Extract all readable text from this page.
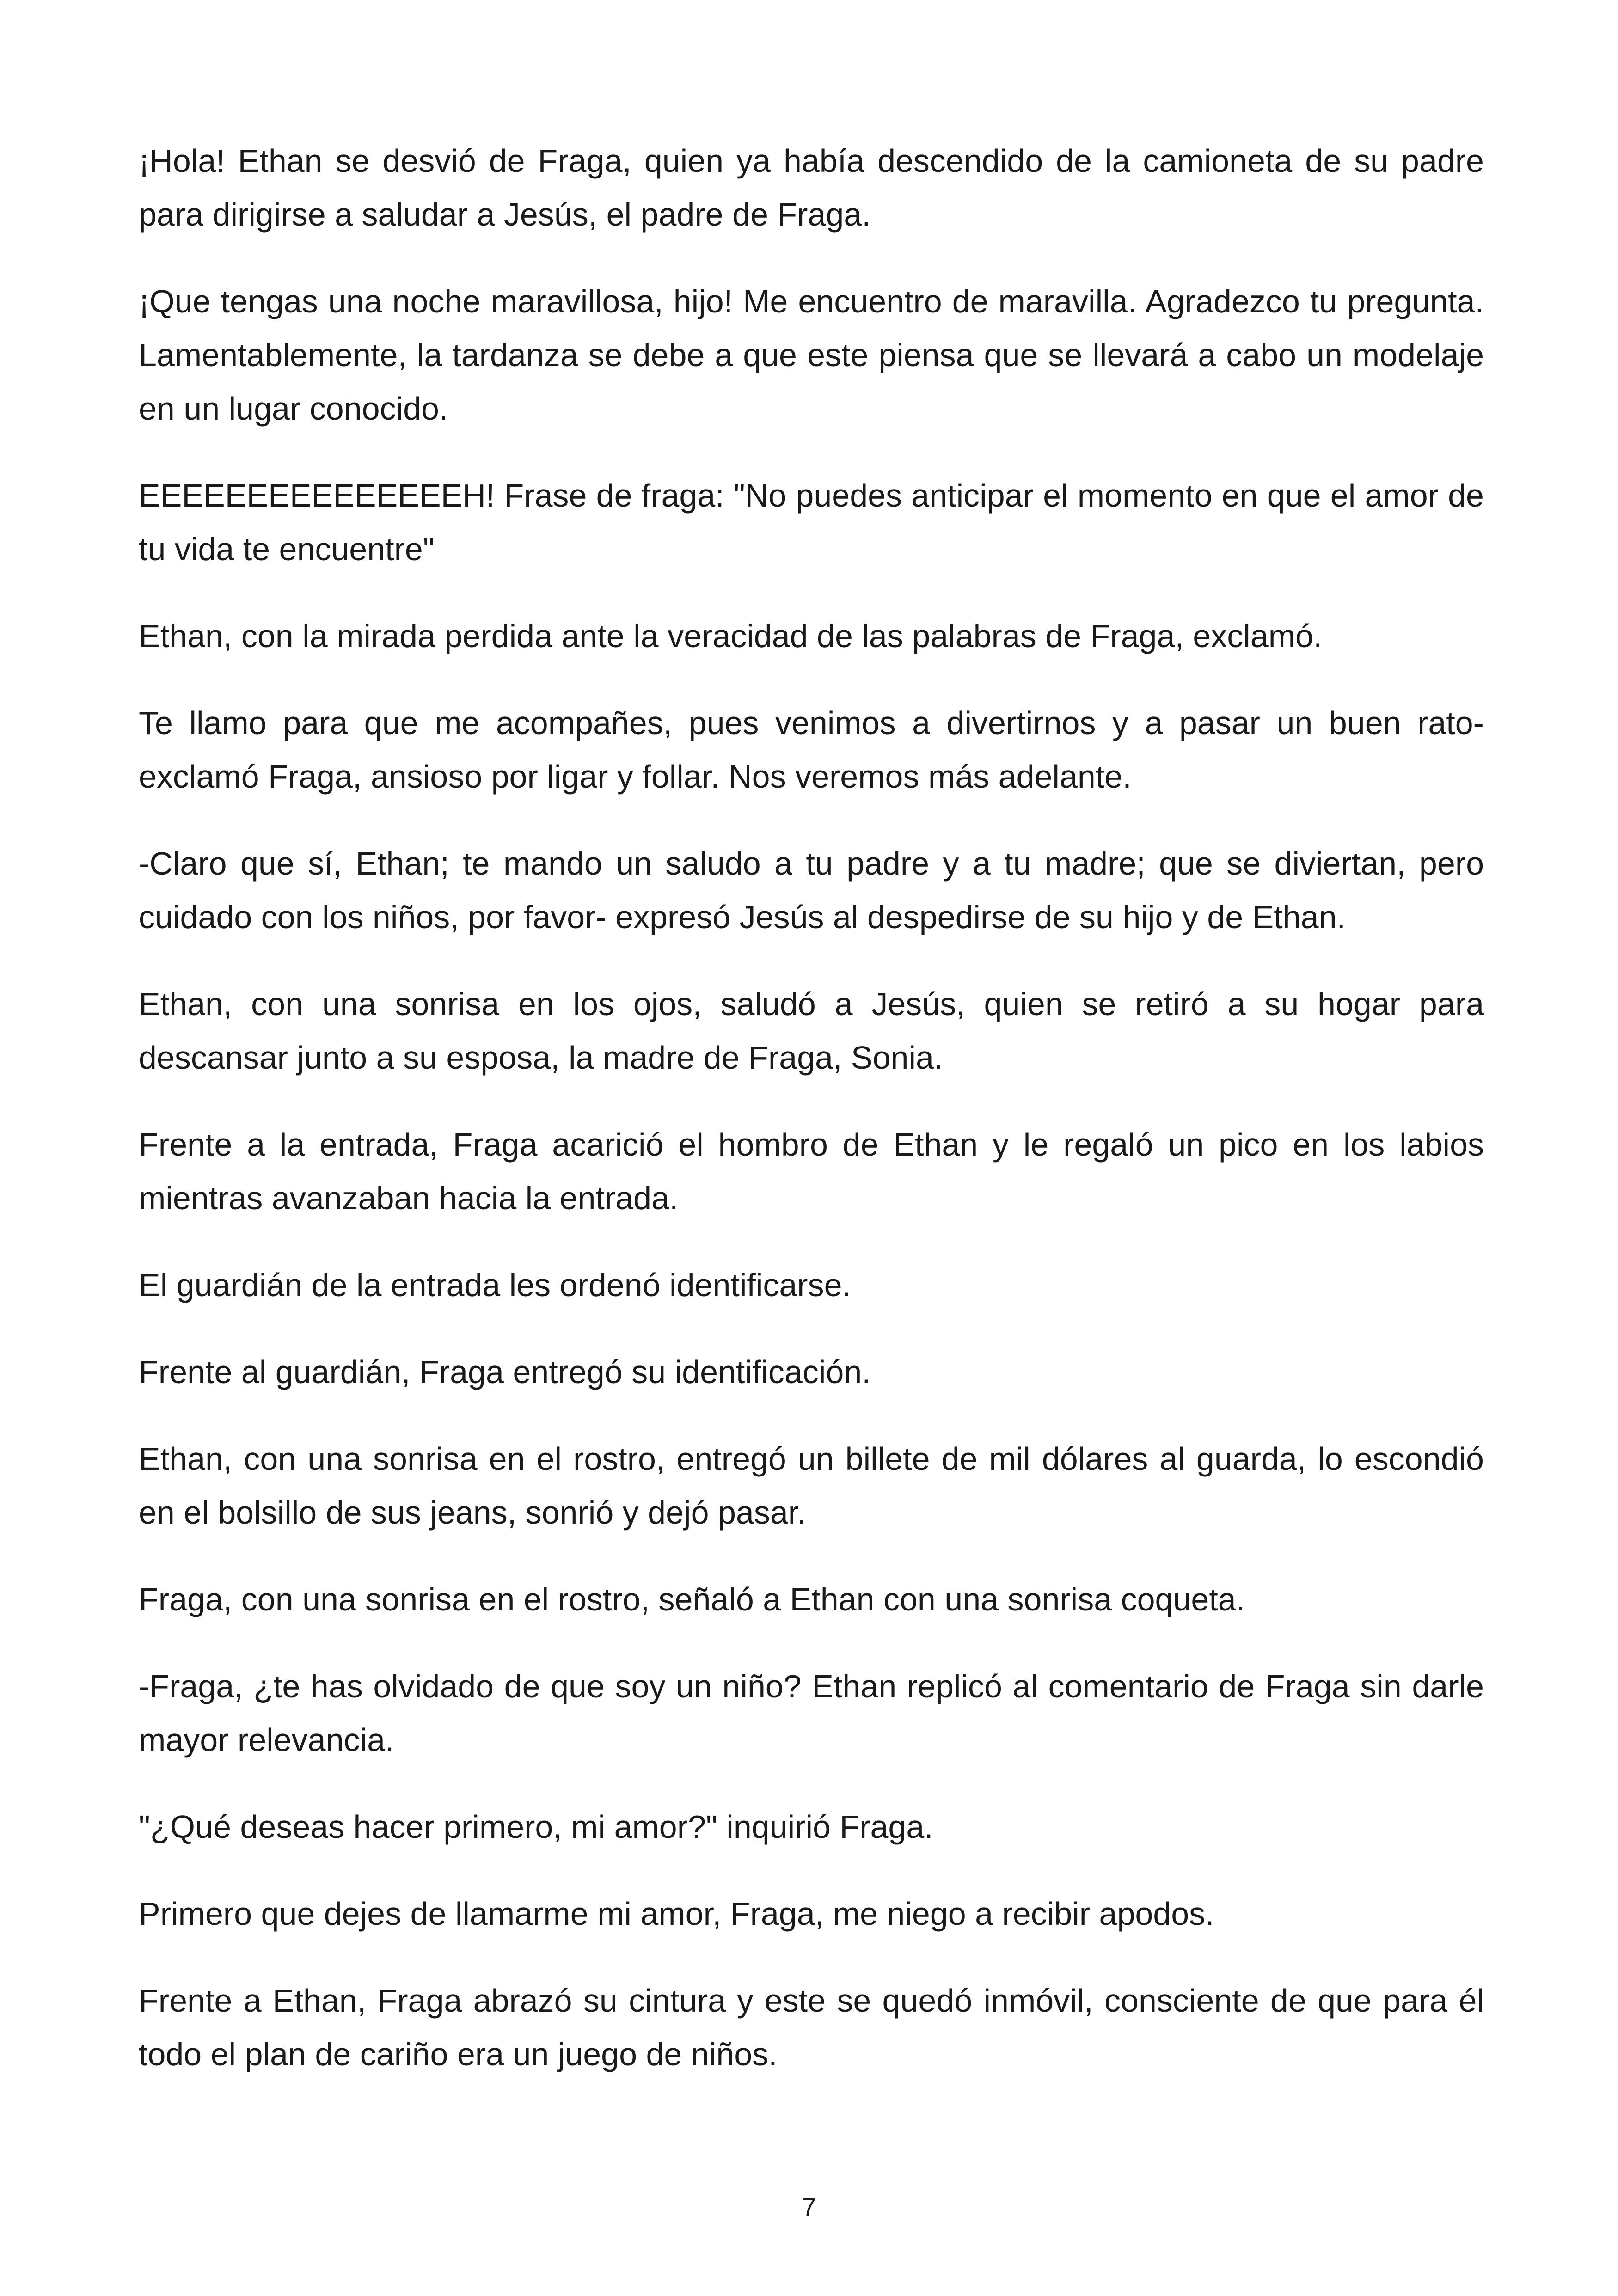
¡Hola! Ethan se desvió de Fraga, quien ya había descendido de la camioneta de su padre para dirigirse a saludar a Jesús, el padre de Fraga.

¡Que tengas una noche maravillosa, hijo! Me encuentro de maravilla. Agradezco tu pregunta. Lamentablemente, la tardanza se debe a que este piensa que se llevará a cabo un modelaje en un lugar conocido.

EEEEEEEEEEEEEEEH! Frase de fraga: "No puedes anticipar el momento en que el amor de tu vida te encuentre"

Ethan, con la mirada perdida ante la veracidad de las palabras de Fraga, exclamó.

Te llamo para que me acompañes, pues venimos a divertirnos y a pasar un buen rato- exclamó Fraga, ansioso por ligar y follar. Nos veremos más adelante.

-Claro que sí, Ethan; te mando un saludo a tu padre y a tu madre; que se diviertan, pero cuidado con los niños, por favor- expresó Jesús al despedirse de su hijo y de Ethan.

Ethan, con una sonrisa en los ojos, saludó a Jesús, quien se retiró a su hogar para descansar junto a su esposa, la madre de Fraga, Sonia.

Frente a la entrada, Fraga acarició el hombro de Ethan y le regaló un pico en los labios mientras avanzaban hacia la entrada.

El guardián de la entrada les ordenó identificarse.

Frente al guardián, Fraga entregó su identificación.

Ethan, con una sonrisa en el rostro, entregó un billete de mil dólares al guarda, lo escondió en el bolsillo de sus jeans, sonrió y dejó pasar.

Fraga, con una sonrisa en el rostro, señaló a Ethan con una sonrisa coqueta.

-Fraga, ¿te has olvidado de que soy un niño? Ethan replicó al comentario de Fraga sin darle mayor relevancia.

"¿Qué deseas hacer primero, mi amor?" inquirió Fraga.

Primero que dejes de llamarme mi amor, Fraga, me niego a recibir apodos.

Frente a Ethan, Fraga abrazó su cintura y este se quedó inmóvil, consciente de que para él todo el plan de cariño era un juego de niños.

7
